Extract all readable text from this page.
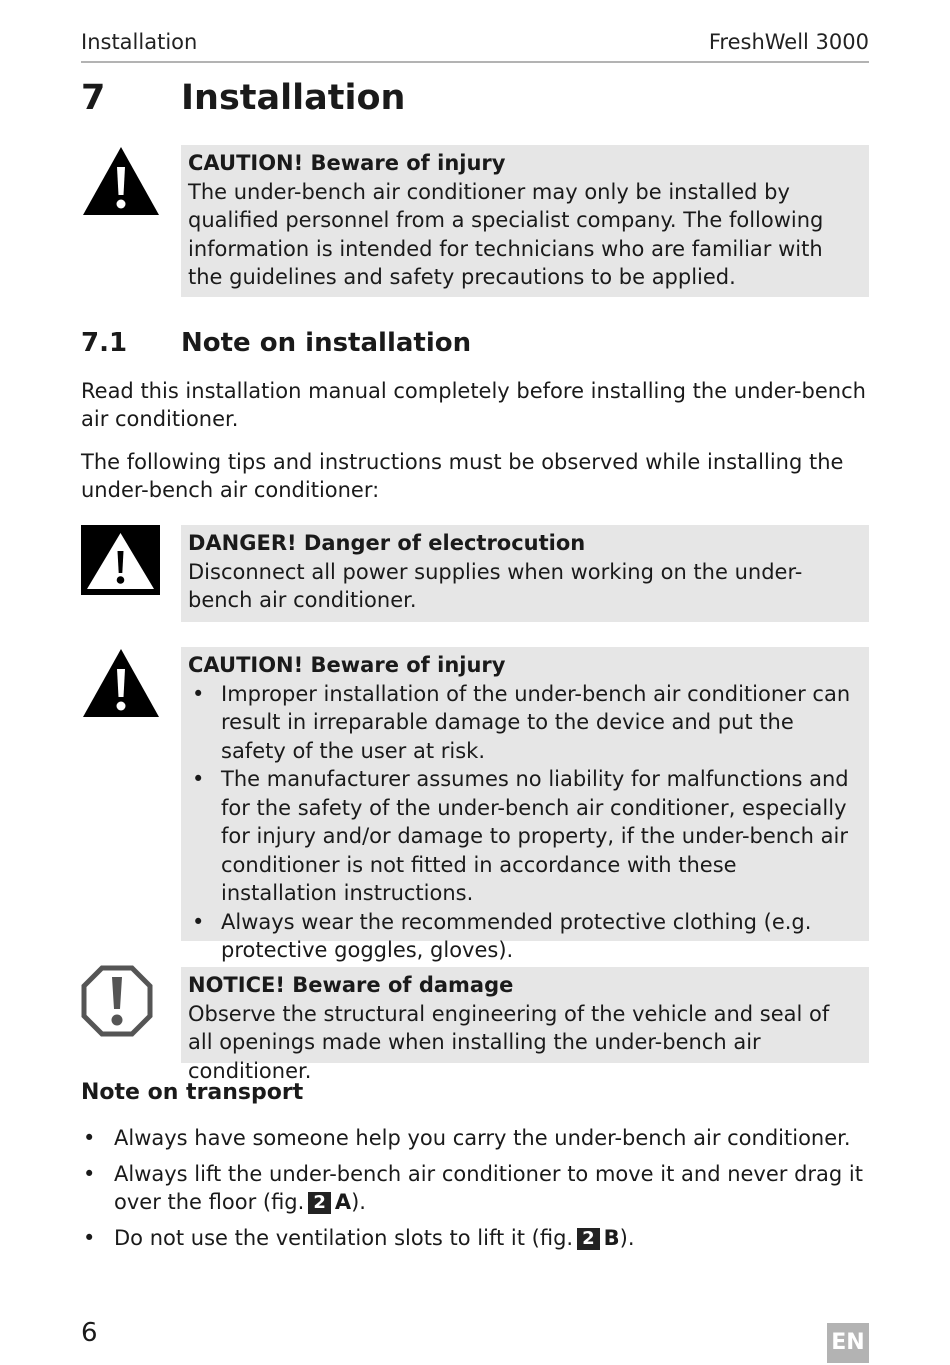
Installation	FreshWell 3000
7 Installation
CAUTION! Beware of injury
The under-bench air conditioner may only be installed by qualified personnel from a specialist company. The following information is intended for technicians who are familiar with the guidelines and safety precautions to be applied.
7.1 Note on installation
Read this installation manual completely before installing the under-bench air conditioner.
The following tips and instructions must be observed while installing the under-bench air conditioner:
DANGER! Danger of electrocution
Disconnect all power supplies when working on the under-bench air conditioner.
CAUTION! Beware of injury
• Improper installation of the under-bench air conditioner can result in irreparable damage to the device and put the safety of the user at risk.
• The manufacturer assumes no liability for malfunctions and for the safety of the under-bench air conditioner, especially for injury and/or damage to property, if the under-bench air conditioner is not fitted in accordance with these installation instructions.
• Always wear the recommended protective clothing (e.g. protective goggles, gloves).
NOTICE! Beware of damage
Observe the structural engineering of the vehicle and seal of all openings made when installing the under-bench air conditioner.
Note on transport
• Always have someone help you carry the under-bench air conditioner.
• Always lift the under-bench air conditioner to move it and never drag it over the floor (fig. 2 A).
• Do not use the ventilation slots to lift it (fig. 2 B).
6	EN
